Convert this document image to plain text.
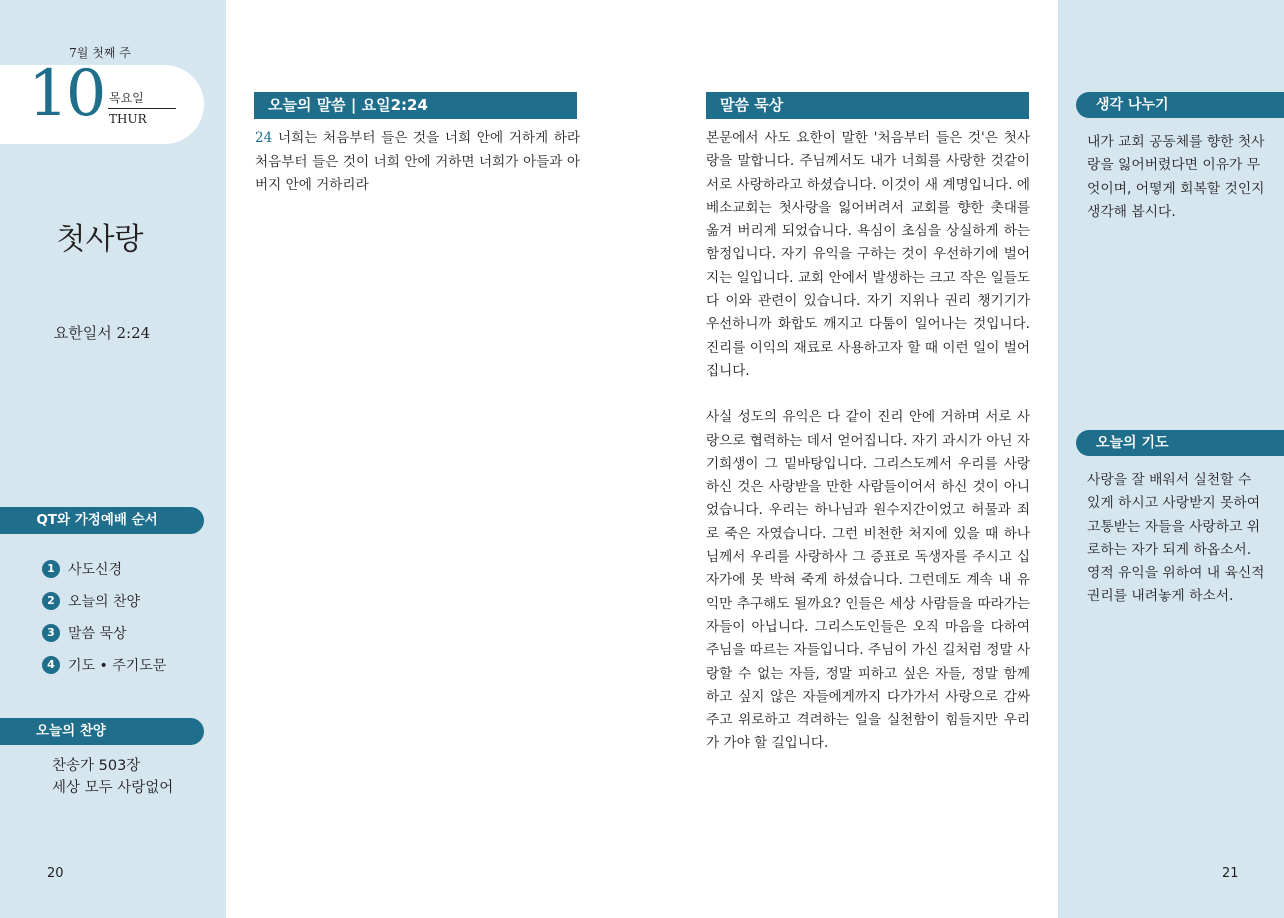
7월 첫째 주
10 목요일
THUR
첫사랑
요한일서 2:24
QT와 가정예배 순서
1 사도신경
2 오늘의 찬양
3 말씀 묵상
4 기도 • 주기도문
오늘의 찬양
찬송가 503장
세상 모두 사랑없어
20
오늘의 말씀 | 요일2:24
24 너희는 처음부터 들은 것을 너희 안에 거하게 하라 처음부터 들은 것이 너희 안에 거하면 너희가 아들과 아버지 안에 거하리라
말씀 묵상

본문에서 사도 요한이 말한 '처음부터 들은 것'은 첫사랑을 말합니다. 주님께서도 내가 너희를 사랑한 것같이 서로 사랑하라고 하셨습니다. 이것이 새 계명입니다. 에베소교회는 첫사랑을 잃어버려서 교회를 향한 촛대를 옮겨 버리게 되었습니다. 욕심이 초심을 상실하게 하는 함정입니다. 자기 유익을 구하는 것이 우선하기에 벌어지는 일입니다. 교회 안에서 발생하는 크고 작은 일들도 다 이와 관련이 있습니다. 자기 지위나 권리 챙기기가 우선하니까 화합도 깨지고 다툼이 일어나는 것입니다. 진리를 이익의 재료로 사용하고자 할 때 이런 일이 벌어집니다.

사실 성도의 유익은 다 같이 진리 안에 거하며 서로 사랑으로 협력하는 데서 얻어집니다. 자기 과시가 아닌 자기희생이 그 밑바탕입니다. 그리스도께서 우리를 사랑하신 것은 사랑받을 만한 사람들이어서 하신 것이 아니었습니다. 우리는 하나님과 원수지간이었고 허물과 죄로 죽은 자였습니다. 그런 비천한 처지에 있을 때 하나님께서 우리를 사랑하사 그 증표로 독생자를 주시고 십자가에 못 박혀 죽게 하셨습니다. 그런데도 계속 내 유익만 추구해도 될까요? 인들은 세상 사람들을 따라가는 자들이 아닙니다. 그리스도인들은 오직 마음을 다하여 주님을 따르는 자들입니다. 주님이 가신 길처럼 정말 사랑할 수 없는 자들, 정말 피하고 싶은 자들, 정말 함께 하고 싶지 않은 자들에게까지 다가가서 사랑으로 감싸주고 위로하고 격려하는 일을 실천함이 힘들지만 우리가 가야 할 길입니다.

생각 나누기
내가 교회 공동체를 향한 첫사랑을 잃어버렸다면 이유가 무엇이며, 어떻게 회복할 것인지 생각해 봅시다.
오늘의 기도
사랑을 잘 배워서 실천할 수 있게 하시고 사랑받지 못하여 고통받는 자들을 사랑하고 위로하는 자가 되게 하옵소서. 영적 유익을 위하여 내 육신적 권리를 내려놓게 하소서.
21
